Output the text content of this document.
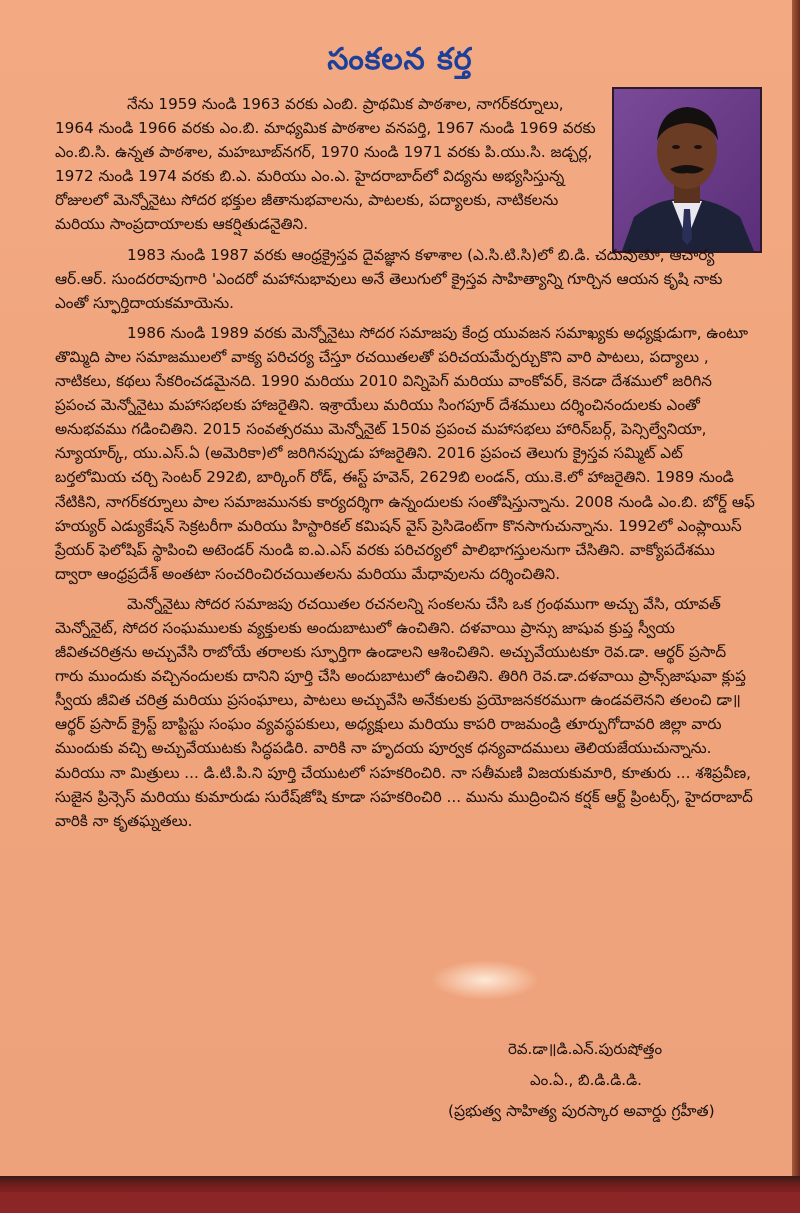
సంకలన కర్త

నేను 1959 నుండి 1963 వరకు ఎంబి. ప్రాథమిక పాఠశాల, నాగర్‌కర్నూలు, 1964 నుండి 1966 వరకు ఎం.బి. మాధ్యమిక పాఠశాల వనపర్తి, 1967 నుండి 1969 వరకు ఎం.బి.సి. ఉన్నత పాఠశాల, మహబూబ్‌నగర్, 1970 నుండి 1971 వరకు పి.యు.సి. జడ్చర్ల, 1972 నుండి 1974 వరకు బి.ఎ. మరియు ఎం.ఎ. హైదరాబాద్‌లో విద్యను అభ్యసిస్తున్న రోజులలో మెన్నోనైటు సోదర భక్తుల జీతానుభవాలను, పాటలకు, పద్యాలకు, నాటికలను మరియు సాంప్రదాయాలకు ఆకర్షితుడనైతిని.

1983 నుండి 1987 వరకు ఆంధ్రక్రైస్తవ దైవజ్ఞాన కళాశాల (ఎ.సి.టి.సి)లో బి.డి. చదువుతూ, ఆచార్య ఆర్.ఆర్. సుందరరావుగారి 'ఎందరో మహానుభావులు అనే తెలుగులో క్రైస్తవ సాహిత్యాన్ని గూర్చిన ఆయన కృషి నాకు ఎంతో స్ఫూర్తిదాయకమాయెను.

1986 నుండి 1989 వరకు మెన్నోనైటు సోదర సమాజపు కేంద్ర యువజన సమాఖ్యకు అధ్యక్షుడుగా, ఉంటూ తొమ్మిది పాల సమాజములలో వాక్య పరిచర్య చేస్తూ రచయితలతో పరిచయమేర్పర్చుకొని వారి పాటలు, పద్యాలు , నాటికలు, కథలు సేకరించడమైనది. 1990 మరియు 2010 విన్నిపెగ్ మరియు వాంకోవర్, కెనడా దేశములో జరిగిన ప్రపంచ మెన్నోనైటు మహాసభలకు హాజరైతిని. ఇశ్రాయేలు మరియు సింగపూర్ దేశములు దర్శించినందులకు ఎంతో అనుభవము గడించితిని. 2015 సంవత్సరము మెన్నోనైట్ 150వ ప్రపంచ మహాసభలు హారిన్‌బర్గ్, పెన్సిల్వేనియా, న్యూయార్క్, యు.ఎస్.ఏ (అమెరికా)లో జరిగినప్పుడు హాజరైతిని. 2016 ప్రపంచ తెలుగు క్రైస్తవ సమ్మిట్ ఎట్ బర్తలోమియ చర్చి సెంటర్ 292బి, బార్కింగ్ రోడ్, ఈస్ట్ హవెన్, 2629బి లండన్, యు.కె.లో హాజరైతిని. 1989 నుండి నేటికిని, నాగర్‌కర్నూలు పాల సమాజమునకు కార్యదర్శిగా ఉన్నందులకు సంతోషిస్తున్నాను. 2008 నుండి ఎం.బి. బోర్డ్ ఆఫ్ హయ్యర్ ఎడ్యుకేషన్ సెక్రటరీగా మరియు హిస్టారికల్ కమిషన్ వైస్ ప్రెసిడెంట్‌గా కొనసాగుచున్నాను. 1992లో ఎంప్లాయిస్ ప్రేయర్ ఫెలోషిప్ స్థాపించి అటెండర్ నుండి ఐ.ఎ.ఎస్ వరకు పరిచర్యలో పాలిభాగస్తులనుగా చేసితిని. వాక్యోపదేశము ద్వారా ఆంధ్రప్రదేశ్ అంతటా సంచరించిరచయితలను మరియు మేధావులను దర్శించితిని.

మెన్నోనైటు సోదర సమాజపు రచయితల రచనలన్ని సంకలను చేసి ఒక గ్రంథముగా అచ్చు వేసి, యావత్ మెన్నోనైట్, సోదర సంఘములకు వ్యక్తులకు అందుబాటులో ఉంచితిని. దళవాయి ప్రాన్సు జాషువ క్రుప్త స్వీయ జీవితచరిత్రను అచ్చువేసి రాబోయే తరాలకు స్ఫూర్తిగా ఉండాలని ఆశించితిని. అచ్చువేయుటకూ రెవ.డా. ఆర్థర్ ప్రసాద్ గారు ముందుకు వచ్చినందులకు దానిని పూర్తి చేసి అందుబాటులో ఉంచితిని. తిరిగి రెవ.డా.దళవాయి ప్రాన్స్‌జాషువా క్లుప్త స్వీయ జీవిత చరిత్ర మరియు ప్రసంఘాలు, పాటలు అచ్చువేసి అనేకులకు ప్రయోజనకరముగా ఉండవలెనని తలంచి డా॥ఆర్థర్ ప్రసాద్ క్రైస్ట్ బాప్టిస్టు సంఘం వ్యవస్థపకులు, అధ్యక్షులు మరియు కాపరి రాజమండ్రి తూర్పుగోదావరి జిల్లా వారు ముందుకు వచ్చి అచ్చువేయుటకు సిద్ధపడిరి. వారికి నా హృదయ పూర్వక ధన్యవాదములు తెలియజేయుచున్నాను. మరియు నా మిత్రులు ... డి.టి.పి.ని పూర్తి చేయుటలో సహకరించిరి. నా సతీమణి విజయకుమారి, కూతురు ... శశిప్రవీణ, సుజైన ప్రిన్సెస్ మరియు కుమారుడు సురేష్‌జోషి కూడా సహకరించిరి ... మును ముద్రించిన కర్షక్ ఆర్ట్ ప్రింటర్స్, హైదరాబాద్ వారికి నా కృతఘ్నతలు.

రెవ.డా॥డి.ఎన్.పురుషోత్తం
ఎం.ఏ., బి.డి.డి.డి.
(ప్రభుత్వ సాహిత్య పురస్కార అవార్డు గ్రహీత)
